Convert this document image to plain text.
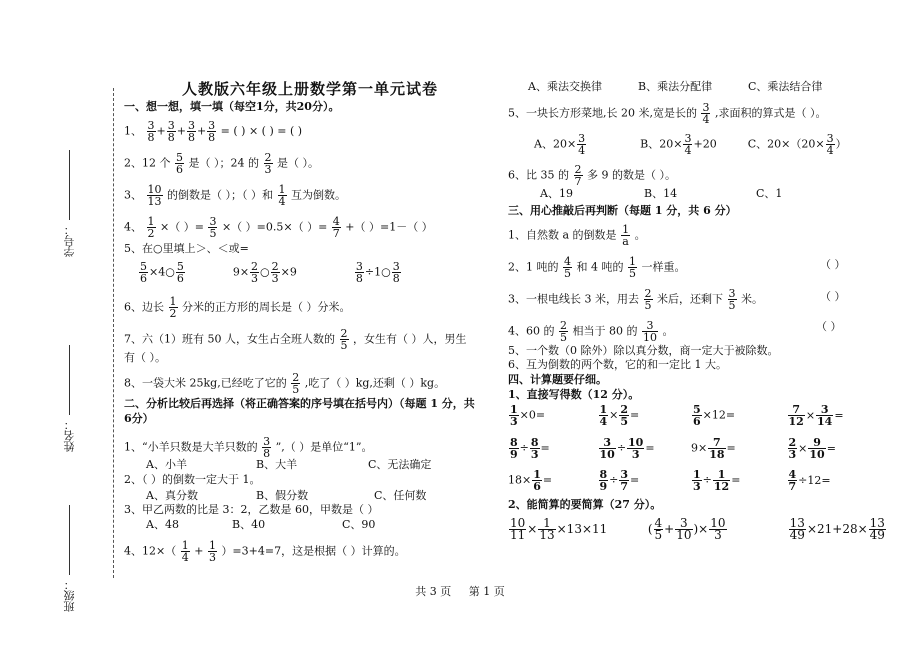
学号：
姓名：
班级：
人教版六年级上册数学第一单元试卷
一、想一想，填一填（每空1分，共20分）。
1、 $\frac{3}{8} + \frac{3}{8} + \frac{3}{8} + \frac{3}{8}$ = ( ) × ( ) = ( )
2、12 个 $\frac{5}{6}$ 是（ ）；24 的 $\frac{2}{3}$ 是（ ）。
3、 $\frac{10}{13}$ 的倒数是（ ）；（ ）和 $\frac{1}{4}$ 互为倒数。
4、 $\frac{1}{2}$ ×（ ）= $\frac{3}{5}$ ×（ ）=0.5×（ ）= $\frac{4}{7}$ +（ ）=1－（ ）
5、在○里填上＞、＜或=
$\frac{5}{6}$ ×4○ $\frac{5}{6}$	$9\times \frac{2}{3}$ ○ $\frac{2}{3} \times 9$	$\frac{3}{8}$ ÷1○ $\frac{3}{8}$
6、边长 $\frac{1}{2}$ 分米的正方形的周长是（ ）分米。
7、六（1）班有 50 人，女生占全班人数的 $\frac{2}{5}$ ，女生有（ ）人，男生
有（ ）。
8、一袋大米 25kg,已经吃了它的 $\frac{2}{5}$ ,吃了（ ）kg,还剩（ ）kg。
二、分析比较后再选择（将正确答案的序号填在括号内）（每题 1 分，共
6分）
1、“小羊只数是大羊只数的 $\frac{3}{8}$ ”,（ ）是单位“1”。
A、小羊	B、大羊	C、无法确定
2、（ ）的倒数一定大于 1。
A、真分数	B、假分数	C、任何数
3、甲乙两数的比是 3：2，乙数是 60，甲数是（ ）
A、48	B、40	C、90
4、$12\times( \frac{1}{4} + \frac{1}{3} )=3+4=7$，这是根据（ ）计算的。
A、乘法交换律	B、乘法分配律	C、乘法结合律
5、一块长方形菜地,长 20 米,宽是长的 $\frac{3}{4}$ ,求面积的算式是（ ）。
A、$20\times \frac{3}{4}$	B、$20\times \frac{3}{4} +20$	C、$20\times(20\times \frac{3}{4}$ ）
6、比 35 的 $\frac{2}{7}$ 多 9 的数是（ ）。
A、19	B、14	C、1
三、用心推敲后再判断（每题 1 分，共 6 分）
1、自然数 a 的倒数是 $\frac{1}{a}$ 。
2、1 吨的 $\frac{4}{5}$ 和 4 吨的 $\frac{1}{5}$ 一样重。	（ ）
3、一根电线长 3 米，用去 $\frac{2}{5}$ 米后，还剩下 $\frac{3}{5}$ 米。	（ ）
4、60 的 $\frac{2}{5}$ 相当于 80 的 $\frac{3}{10}$ 。	（ ）
5、一个数（0 除外）除以真分数，商一定大于被除数。
6、互为倒数的两个数，它的和一定比 1 大。
四、计算题要仔细。
1、直接写得数（12 分）。
$\frac{1}{3} \times 0=$	$\frac{1}{4} \times \frac{2}{5}$ =	$\frac{5}{6} \times 12=$	$\frac{7}{12} \times \frac{3}{14}$ =
$\frac{8}{9} \div \frac{8}{3}$ =	$\frac{3}{10} \div \frac{10}{3}$ =	$9\times \frac{7}{18}$ =	$\frac{2}{3} \times \frac{9}{10}$ =
$18\times \frac{1}{6}$ =	$\frac{8}{9} \div \frac{3}{7}$ =	$\frac{1}{3} \div \frac{1}{12}$ =	$\frac{4}{7} \div 12=$
2、能简算的要简算（27 分）。
$\frac{10}{11} \times \frac{1}{13} \times 13\times 11$	( $\frac{4}{5} + \frac{3}{10}$ )× $\frac{10}{3}$
	$\frac{13}{49} \times 21+28\times \frac{13}{49}$
共 3 页 第 1 页
